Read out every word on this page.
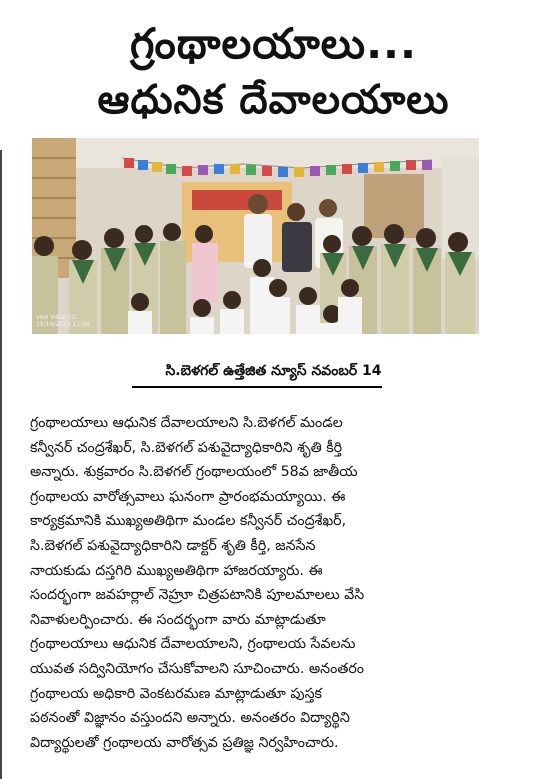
గ్రంథాలయాలు...
ఆధునిక దేవాలయాలు
vivo V40e 5G
15/14/2023 11:30
సి.బెళగల్ ఉత్తేజిత న్యూస్ నవంబర్ 14
గ్రంథాలయాలు ఆధునిక దేవాలయాలని సి.బెళగల్ మండల
కన్వీనర్ చంద్రశేఖర్, సి.బెళగల్ పశువైద్యాధికారిని శృతి కీర్తి
అన్నారు. శుక్రవారం సి.బెళగల్ గ్రంథాలయంలో 58వ జాతీయ
గ్రంథాలయ వారోత్సవాలు ఘనంగా ప్రారంభమయ్యాయి. ఈ
కార్యక్రమానికి ముఖ్యఅతిథిగా మండల కన్వీనర్ చంద్రశేఖర్,
సి.బెళగల్ పశువైద్యాధికారిని డాక్టర్ శృతి కీర్తి, జనసేన
నాయకుడు దస్తగిరి ముఖ్యఅతిథిగా హాజరయ్యారు. ఈ
సందర్భంగా జవహర్లాల్ నెహ్రూ చిత్రపటానికి పూలమాలలు వేసి
నివాళులర్పించారు. ఈ సందర్భంగా వారు మాట్లాడుతూ
గ్రంథాలయాలు ఆధునిక దేవాలయాలని, గ్రంథాలయ సేవలను
యువత సద్వినియోగం చేసుకోవాలని సూచించారు. అనంతరం
గ్రంథాలయ అధికారి వెంకటరమణ మాట్లాడుతూ పుస్తక
పఠనంతో విజ్ఞానం వస్తుందని అన్నారు. అనంతరం విద్యార్థిని
విద్యార్థులతో గ్రంథాలయ వారోత్సవ ప్రతిజ్ఞ నిర్వహించారు.
